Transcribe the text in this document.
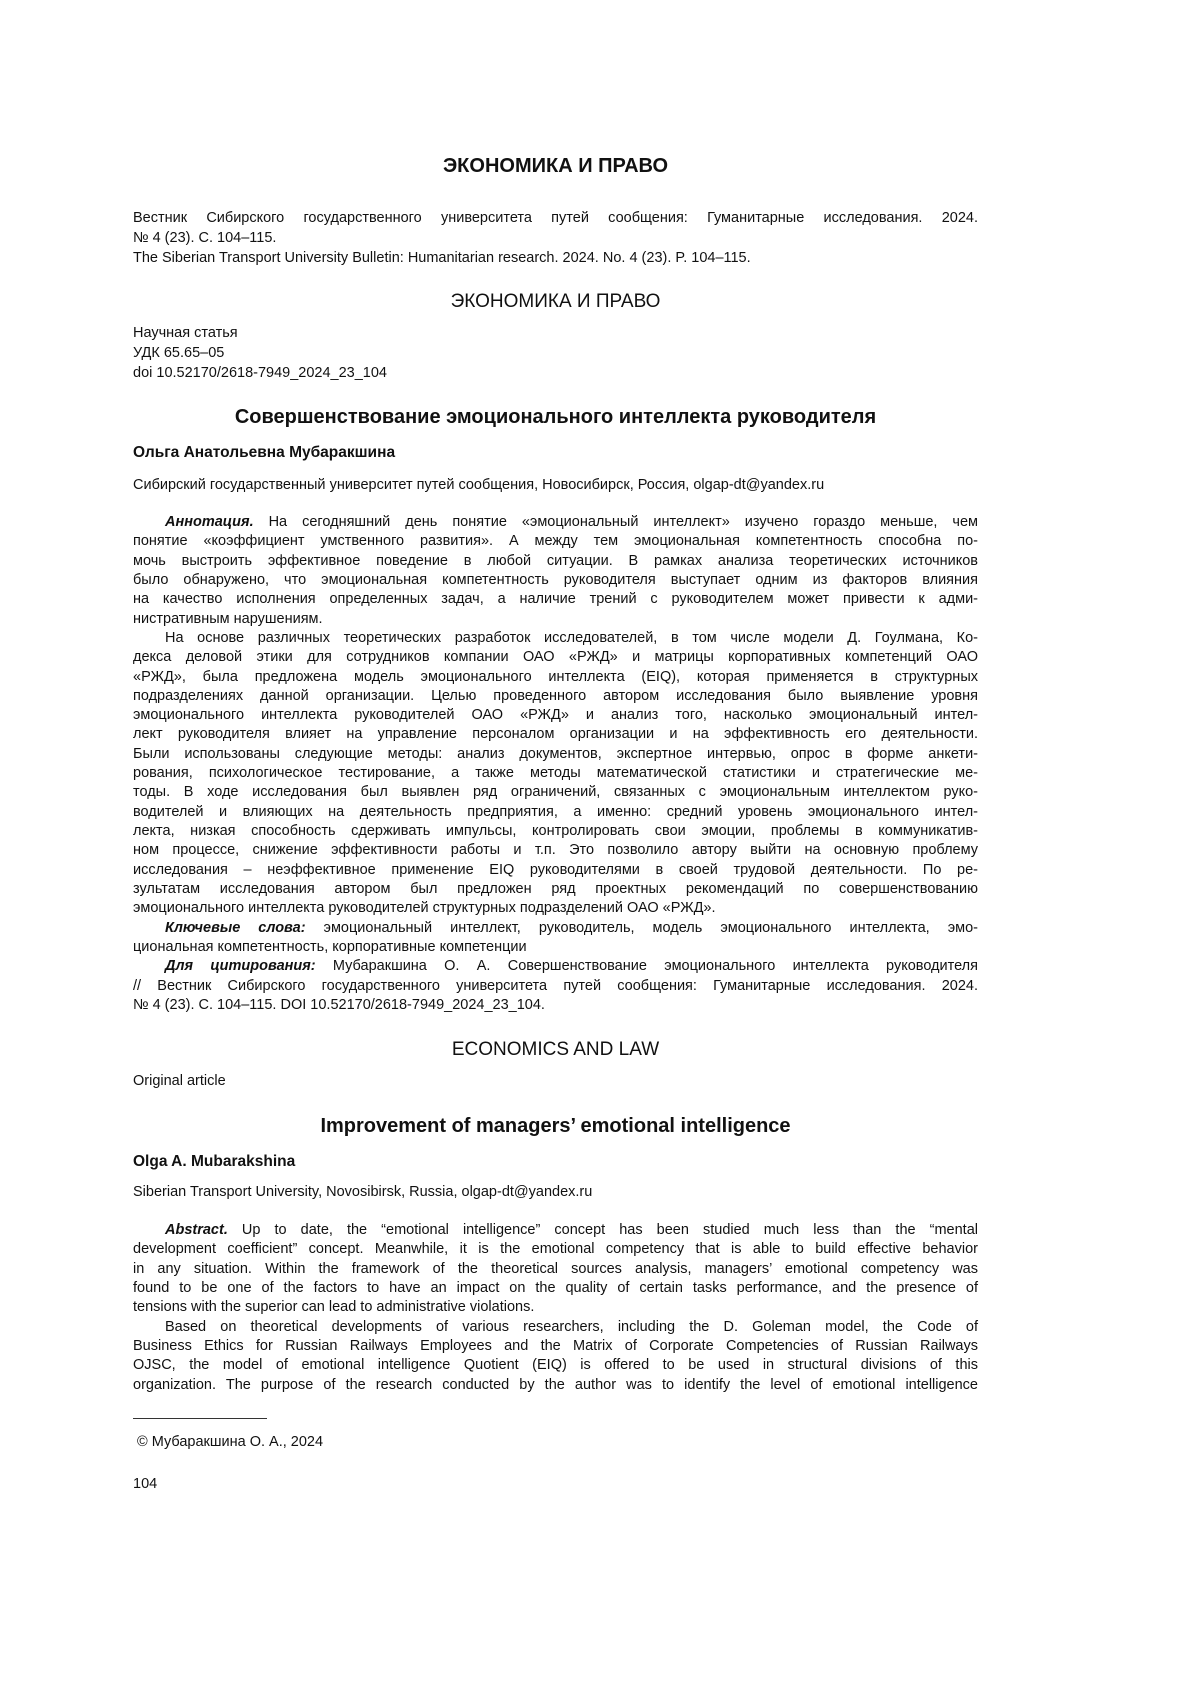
ЭКОНОМИКА И ПРАВО
Вестник Сибирского государственного университета путей сообщения: Гуманитарные исследования. 2024.
№ 4 (23). С. 104–115.
The Siberian Transport University Bulletin: Humanitarian research. 2024. No. 4 (23). P. 104–115.
ЭКОНОМИКА И ПРАВО
Научная статья
УДК 65.65–05
doi 10.52170/2618-7949_2024_23_104
Совершенствование эмоционального интеллекта руководителя
Ольга Анатольевна Мубаракшина
Сибирский государственный университет путей сообщения, Новосибирск, Россия, olgap-dt@yandex.ru
Аннотация. На сегодняшний день понятие «эмоциональный интеллект» изучено гораздо меньше, чем
понятие «коэффициент умственного развития». А между тем эмоциональная компетентность способна по-
мочь выстроить эффективное поведение в любой ситуации. В рамках анализа теоретических источников
было обнаружено, что эмоциональная компетентность руководителя выступает одним из факторов влияния
на качество исполнения определенных задач, а наличие трений с руководителем может привести к адми-
нистративным нарушениям.
На основе различных теоретических разработок исследователей, в том числе модели Д. Гоулмана, Ко-
декса деловой этики для сотрудников компании ОАО «РЖД» и матрицы корпоративных компетенций ОАО
«РЖД», была предложена модель эмоционального интеллекта (EIQ), которая применяется в структурных
подразделениях данной организации. Целью проведенного автором исследования было выявление уровня
эмоционального интеллекта руководителей ОАО «РЖД» и анализ того, насколько эмоциональный интел-
лект руководителя влияет на управление персоналом организации и на эффективность его деятельности.
Были использованы следующие методы: анализ документов, экспертное интервью, опрос в форме анкети-
рования, психологическое тестирование, а также методы математической статистики и стратегические ме-
тоды. В ходе исследования был выявлен ряд ограничений, связанных с эмоциональным интеллектом руко-
водителей и влияющих на деятельность предприятия, а именно: средний уровень эмоционального интел-
лекта, низкая способность сдерживать импульсы, контролировать свои эмоции, проблемы в коммуникатив-
ном процессе, снижение эффективности работы и т.п. Это позволило автору выйти на основную проблему
исследования – неэффективное применение EIQ руководителями в своей трудовой деятельности. По ре-
зультатам исследования автором был предложен ряд проектных рекомендаций по совершенствованию
эмоционального интеллекта руководителей структурных подразделений ОАО «РЖД».
Ключевые слова: эмоциональный интеллект, руководитель, модель эмоционального интеллекта, эмо-
циональная компетентность, корпоративные компетенции
Для цитирования: Мубаракшина О. А. Совершенствование эмоционального интеллекта руководителя
// Вестник Сибирского государственного университета путей сообщения: Гуманитарные исследования. 2024.
№ 4 (23). С. 104–115. DOI 10.52170/2618-7949_2024_23_104.
ECONOMICS AND LAW
Original article
Improvement of managers’ emotional intelligence
Olga A. Mubarakshina
Siberian Transport University, Novosibirsk, Russia, olgap-dt@yandex.ru
Abstract. Up to date, the “emotional intelligence” concept has been studied much less than the “mental
development coefficient” concept. Meanwhile, it is the emotional competency that is able to build effective behavior
in any situation. Within the framework of the theoretical sources analysis, managers’ emotional competency was
found to be one of the factors to have an impact on the quality of certain tasks performance, and the presence of
tensions with the superior can lead to administrative violations.
Based on theoretical developments of various researchers, including the D. Goleman model, the Code of
Business Ethics for Russian Railways Employees and the Matrix of Corporate Competencies of Russian Railways
OJSC, the model of emotional intelligence Quotient (EIQ) is offered to be used in structural divisions of this
organization. The purpose of the research conducted by the author was to identify the level of emotional intelligence
© Мубаракшина О. А., 2024
104
